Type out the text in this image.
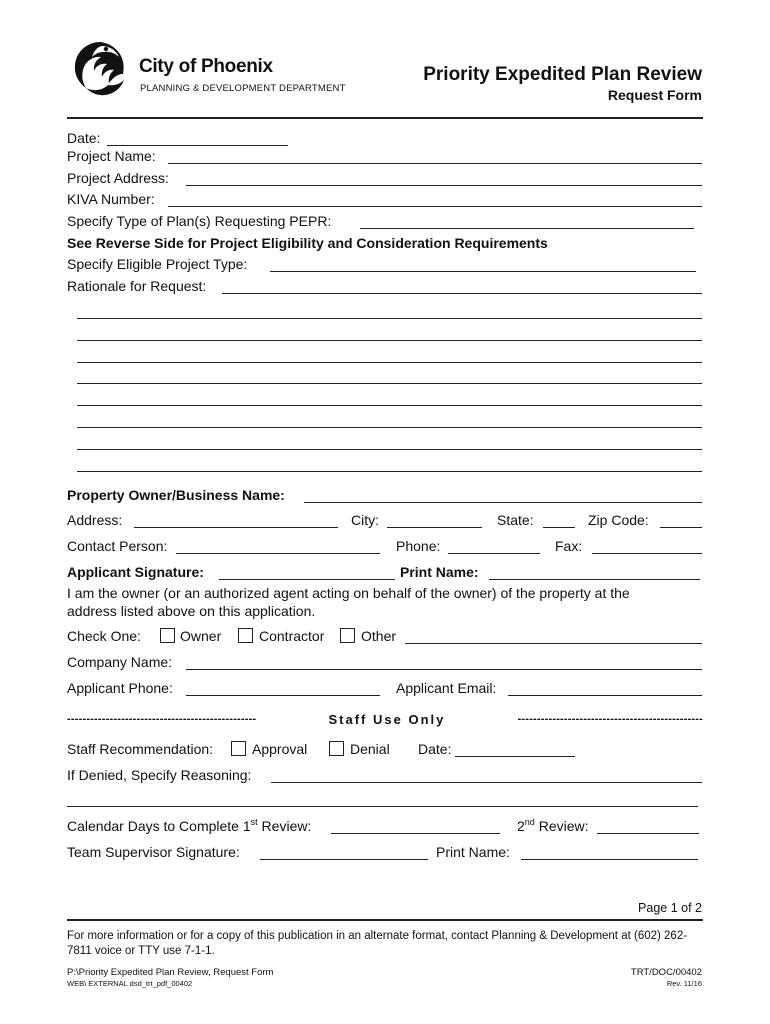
City of Phoenix
PLANNING & DEVELOPMENT DEPARTMENT
Priority Expedited Plan Review
Request Form
Date:
Project Name:
Project Address:
KIVA Number:
Specify Type of Plan(s) Requesting PEPR:
See Reverse Side for Project Eligibility and Consideration Requirements
Specify Eligible Project Type:
Rationale for Request:
Property Owner/Business Name:
Address:	City:	State:	Zip Code:
Contact Person:	Phone:	Fax:
Applicant Signature:	Print Name:
I am the owner (or an authorized agent acting on behalf of the owner) of the property at the
address listed above on this application.
Check One:	Owner	Contractor	Other
Company Name:
Applicant Phone:	Applicant Email:
-------------------------------------------------	Staff Use Only	------------------------------------------------
Staff Recommendation:	Approval	Denial Date:
If Denied, Specify Reasoning:
Calendar Days to Complete 1st Review:	2nd Review:
Team Supervisor Signature:	Print Name:
Page 1 of 2
For more information or for a copy of this publication in an alternate format, contact Planning & Development at (602) 262-7811 voice or TTY use 7-1-1.
P:\Priority Expedited Plan Review, Request Form
WEB\ EXTERNAL dsd_trt_pdf_00402
TRT/DOC/00402
Rev. 11/16
